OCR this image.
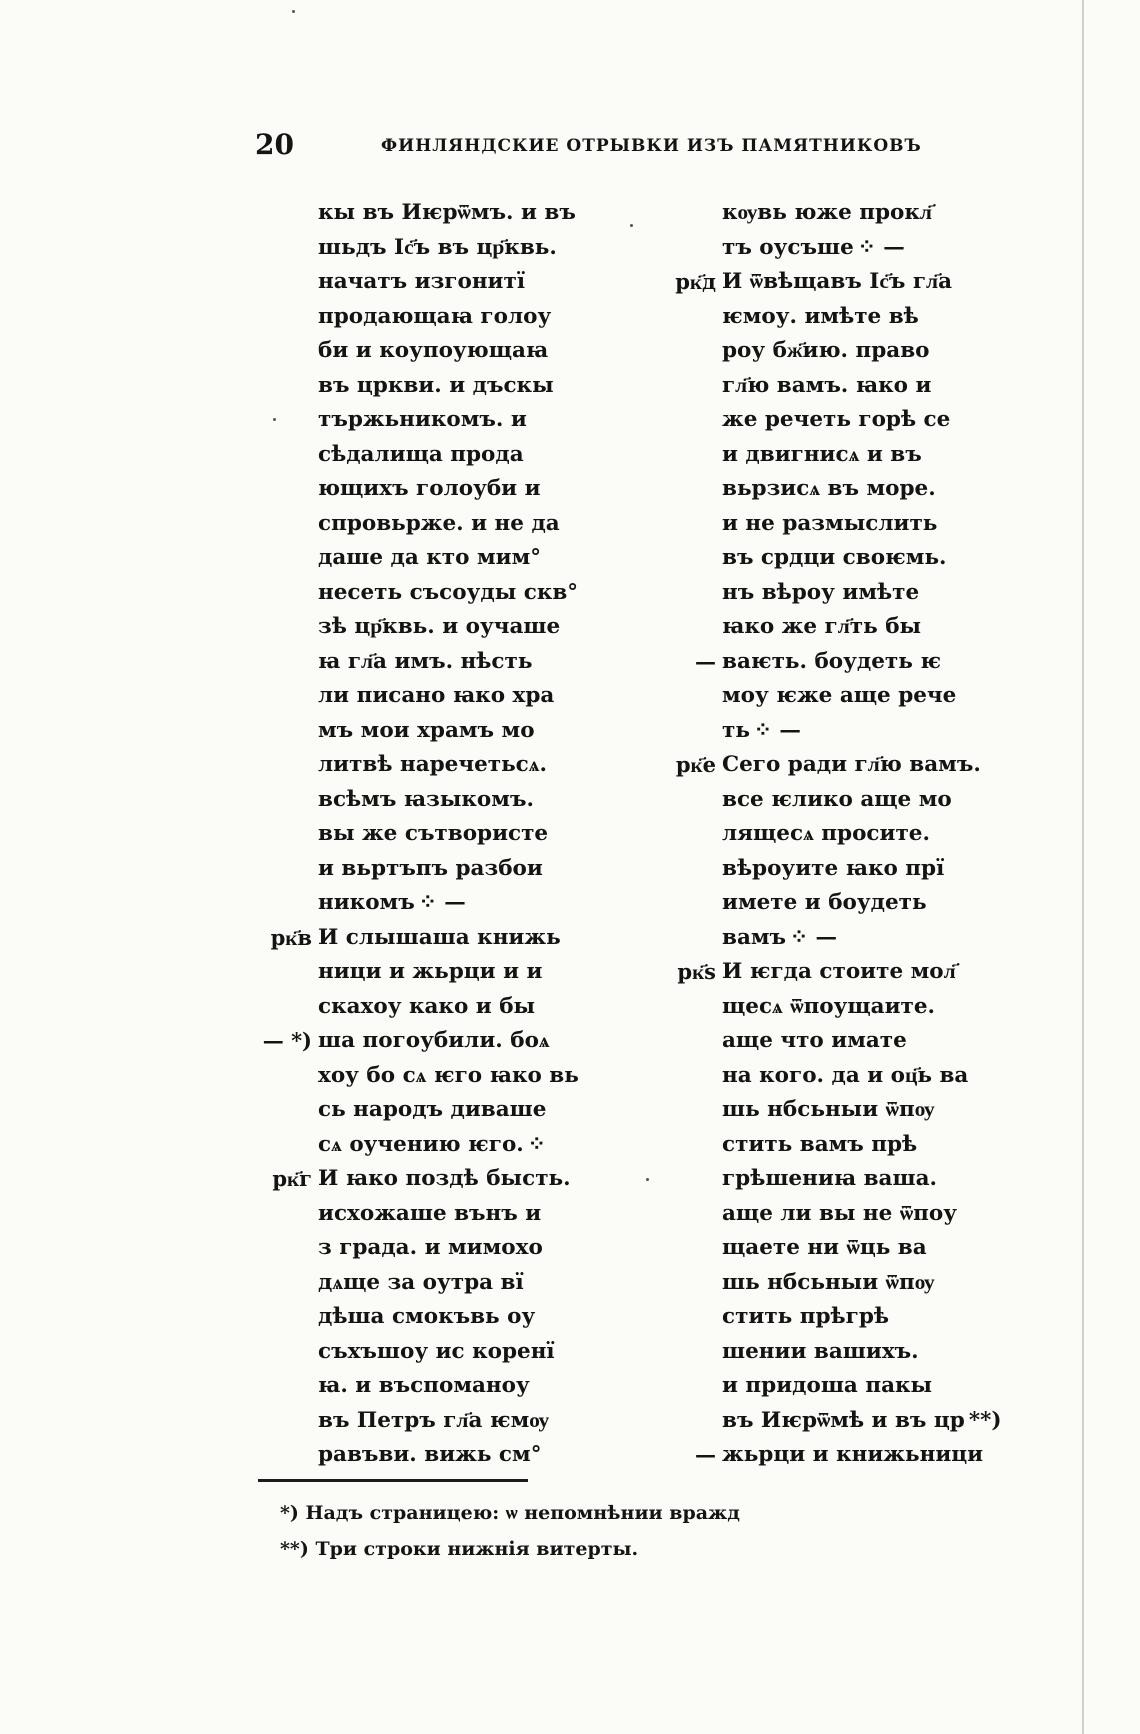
20	ФИНЛЯНДСКИЕ ОТРЫВКИ ИЗЪ ПАМЯТНИКОВЪ
кы въ Иѥрѿмъ. и въ
шьдъ Іс҃ъ въ цр҃квь.
начатъ изгонитї
продающаꙗ голоу
би и коупоующаꙗ
въ цркви. и дъскы
тържьникомъ. и
сѣдалища прода
ющихъ голоуби и
спровьрже. и не да
даше да кто мим°
несеть съсоуды скв°
зѣ цр҃квь. и оучаше
ꙗ гл҃а имъ. нѣсть
ли писано ꙗко хра
мъ мои храмъ мо
литвѣ наречетьсѧ.
всѣмъ ꙗзыкомъ.
вы же сътвористе
и вьртъпъ разбои
никомъ ⁘ —
рк҃в И слышаша книжь
ници и жьрци и и
скахоу како и бы
— *) ша погоубили. боѧ
хоу бо сѧ ѥго ꙗко вь
сь народъ диваше
сѧ оучению ѥго. ⁘
рк҃г И ꙗко поздѣ бысть.
исхожаше вънъ и
з града. и мимохо
дѧще за оутра вї
дѣша смокъвь оу
съхъшоу ис коренї
ꙗ. и въспоманоу
въ Петръ гл҃а ѥмѹ
равъви. вижь см°
кѹвь юже прокл҃
тъ оусъше ⁘ —
рк҃д И ѿвѣщавъ Іс҃ъ гл҃а
ѥмоу. имѣте вѣ
роу бж҃ию. право
гл҃ю вамъ. ꙗко и
же речеть горѣ се
и двигнисѧ и въ
вьрзисѧ въ море.
и не размыслить
въ срдци своѥмь.
нъ вѣроу имѣте
ꙗко же гл҃ть бы
— ваѥть. боудеть ѥ
моу ѥже аще рече
ть ⁘ —
рк҃е Сего ради гл҃ю вамъ.
все ѥлико аще мо
лящесѧ просите.
вѣроуите ꙗко прї
имете и боудеть
вамъ ⁘ —
рк҃ѕ И ѥгда стоите мол҃
щесѧ ѿпоущаите.
аще что имате
на кого. да и оц҃ь ва
шь нбсьныи ѿпѹ
стить вамъ прѣ
грѣшениꙗ ваша.
аще ли вы не ѿпоу
щаете ни ѿць ва
шь нбсьныи ѿпѹ
стить прѣгрѣ
шении вашихъ.
и придоша пакы
въ Иѥрѿмѣ и въ цр **)
— жьрци и книжьници

*) Надъ страницею: ѡ непомнѣнии вражд

**) Три строки нижнія витерты.
